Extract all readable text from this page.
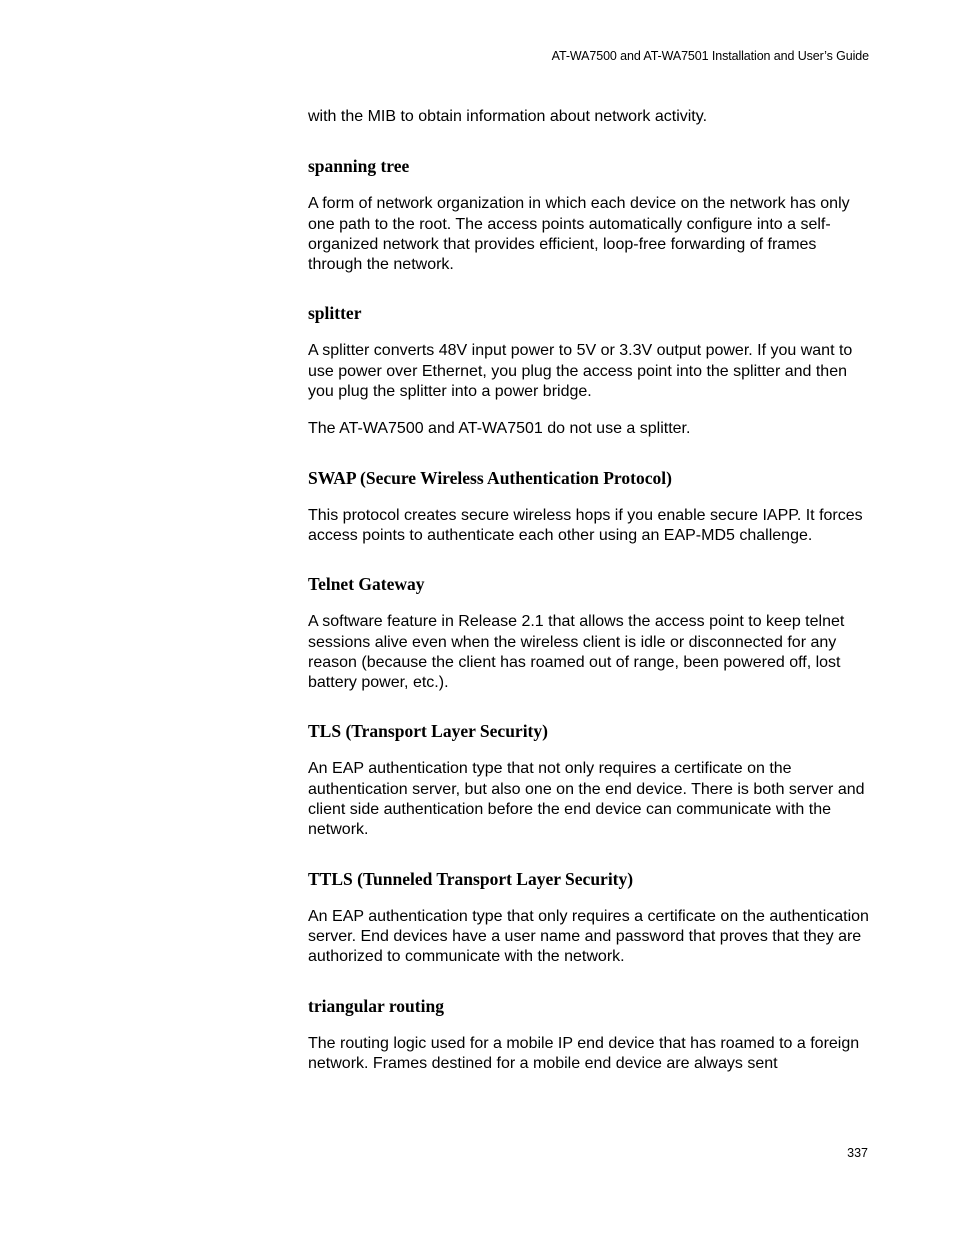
AT-WA7500 and AT-WA7501 Installation and User’s Guide

with the MIB to obtain information about network activity.

spanning tree

A form of network organization in which each device on the network has only one path to the root. The access points automatically configure into a self-organized network that provides efficient, loop-free forwarding of frames through the network.

splitter

A splitter converts 48V input power to 5V or 3.3V output power. If you want to use power over Ethernet, you plug the access point into the splitter and then you plug the splitter into a power bridge.

The AT-WA7500 and AT-WA7501 do not use a splitter.

SWAP (Secure Wireless Authentication Protocol)

This protocol creates secure wireless hops if you enable secure IAPP. It forces access points to authenticate each other using an EAP-MD5 challenge.

Telnet Gateway

A software feature in Release 2.1 that allows the access point to keep telnet sessions alive even when the wireless client is idle or disconnected for any reason (because the client has roamed out of range, been powered off, lost battery power, etc.).

TLS (Transport Layer Security)

An EAP authentication type that not only requires a certificate on the authentication server, but also one on the end device. There is both server and client side authentication before the end device can communicate with the network.

TTLS (Tunneled Transport Layer Security)

An EAP authentication type that only requires a certificate on the authentication server. End devices have a user name and password that proves that they are authorized to communicate with the network.

triangular routing

The routing logic used for a mobile IP end device that has roamed to a foreign network. Frames destined for a mobile end device are always sent

337
